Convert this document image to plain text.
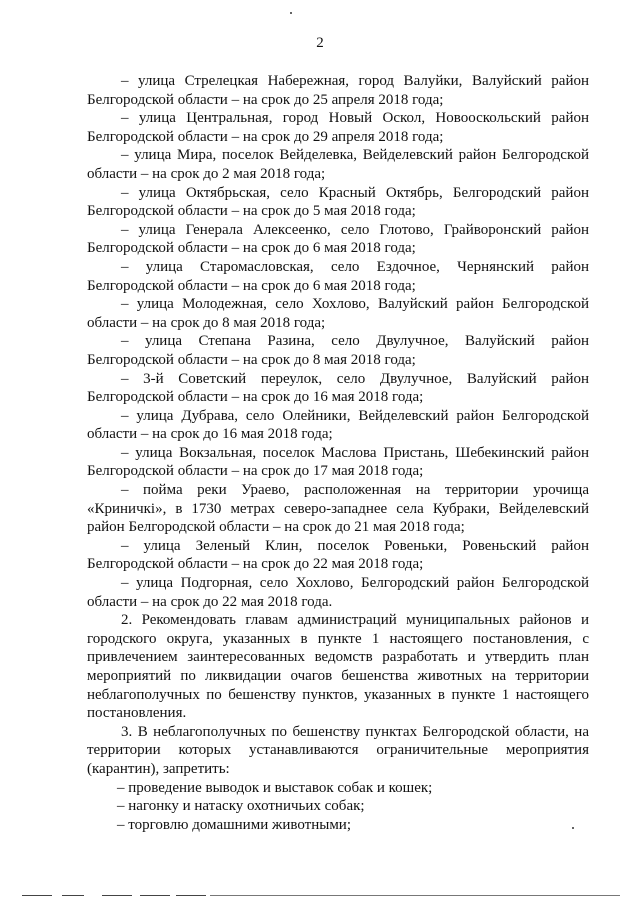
2

– улица Стрелецкая Набережная, город Валуйки, Валуйский район Белгородской области – на срок до 25 апреля 2018 года;

– улица Центральная, город Новый Оскол, Новооскольский район Белгородской области – на срок до 29 апреля 2018 года;

– улица Мира, поселок Вейделевка, Вейделевский район Белгородской области – на срок до 2 мая 2018 года;

– улица Октябрьская, село Красный Октябрь, Белгородский район Белгородской области – на срок до 5 мая 2018 года;

– улица Генерала Алексеенко, село Глотово, Грайворонский район Белгородской области – на срок до 6 мая 2018 года;

– улица Старомасловская, село Ездочное, Чернянский район Белгородской области – на срок до 6 мая 2018 года;

– улица Молодежная, село Хохлово, Валуйский район Белгородской области – на срок до 8 мая 2018 года;

– улица Степана Разина, село Двулучное, Валуйский район Белгородской области – на срок до 8 мая 2018 года;

– 3-й Советский переулок, село Двулучное, Валуйский район Белгородской области – на срок до 16 мая 2018 года;

– улица Дубрава, село Олейники, Вейделевский район Белгородской области – на срок до 16 мая 2018 года;

– улица Вокзальная, поселок Маслова Пристань, Шебекинский район Белгородской области – на срок до 17 мая 2018 года;

– пойма реки Ураево, расположенная на территории урочища «Криничкi», в 1730 метрах северо-западнее села Кубраки, Вейделевский район Белгородской области – на срок до 21 мая 2018 года;

– улица Зеленый Клин, поселок Ровеньки, Ровеньский район Белгородской области – на срок до 22 мая 2018 года;

– улица Подгорная, село Хохлово, Белгородский район Белгородской области – на срок до 22 мая 2018 года.

2. Рекомендовать главам администраций муниципальных районов и городского округа, указанных в пункте 1 настоящего постановления, с привлечением заинтересованных ведомств разработать и утвердить план мероприятий по ликвидации очагов бешенства животных на территории неблагополучных по бешенству пунктов, указанных в пункте 1 настоящего постановления.

3. В неблагополучных по бешенству пунктах Белгородской области, на территории которых устанавливаются ограничительные мероприятия (карантин), запретить:

– проведение выводок и выставок собак и кошек;

– нагонку и натаску охотничьих собак;

– торговлю домашними животными;
